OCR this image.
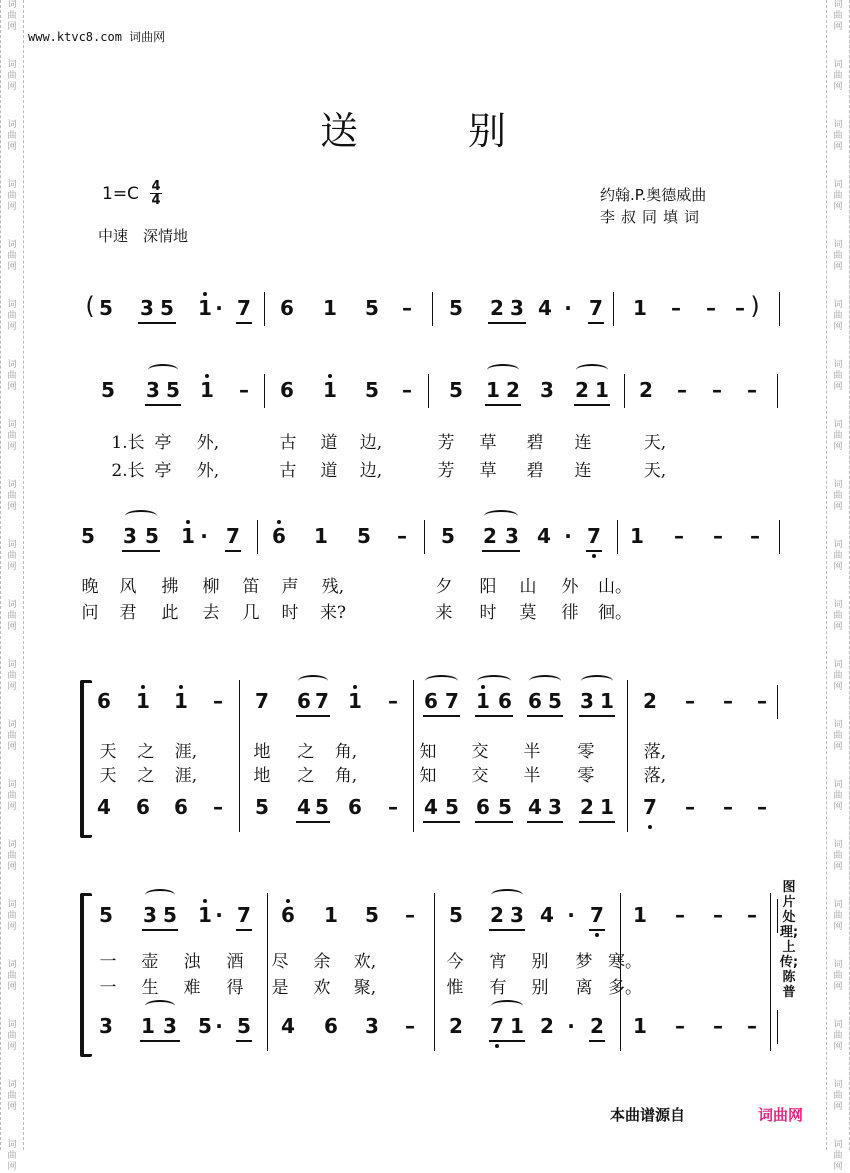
词
曲
网
词
曲
网
词
曲
网
词
曲
网
词
曲
网
词
曲
网
词
曲
网
词
曲
网
词
曲
网
词
曲
网
词
曲
网
词
曲
网
词
曲
网
词
曲
网
词
曲
网
词
曲
网
词
曲
网
词
曲
网
词
曲
网
词
曲
网
词
曲
网
词
曲
网
词
曲
网
词
曲
网
词
曲
网
词
曲
网
词
曲
网
词
曲
网
词
曲
网
词
曲
网
词
曲
网
词
曲
网
词
曲
网
词
曲
网
词
曲
网
词
曲
网
词
曲
网
词
曲
网
词
曲
网
词
曲
网
www.ktvc8.com 词曲网
送别
1=C 4
4
中速　深情地
约翰.P.奥德威曲
李叔同填词
5 3 5 1 · 7 6 1 5 – 5 2 3 4 · 7 1 – – –
(	)
5 3 5 1 – 6 1 5 – 5 1 2 3 2 1 2 – – –
1.长 亭 外,	古 道 边,	芳 草 碧 连	天,
2.长 亭 外,	古 道 边,	芳 草 碧 连	天,
5 3 5 1 · 7 6 1 5 – 5 2 3 4 · 7 1 – – –
晚 风 拂 柳 笛 声 残,	夕 阳 山 外 山。
问 君 此 去 几 时 来?	来 时 莫 徘 徊。
6 1 1 – 7 6 7 1 – 6 7 1 6 6 5 3 1 2 – – –
天 之 涯,	地 之 角,	知 交 半 零	落,
天 之 涯,	地 之 角,	知 交 半 零	落,
4 6 6 – 5 4 5 6 – 4 5 6 5 4 3 2 1 7 – – –
5 3 5 1 · 7 6 1 5 – 5 2 3 4 · 7 1 – – –
一 壶 浊 酒 尽 余 欢,	今 宵 别 梦 寒。
一 生 难 得 是 欢 聚,	惟 有 别 离 多。
3 1 3 5 · 5 4 6 3 – 2 7 1 2 · 2 1 – – –
图片处理;上传;陈普
本曲谱源自	词曲网
